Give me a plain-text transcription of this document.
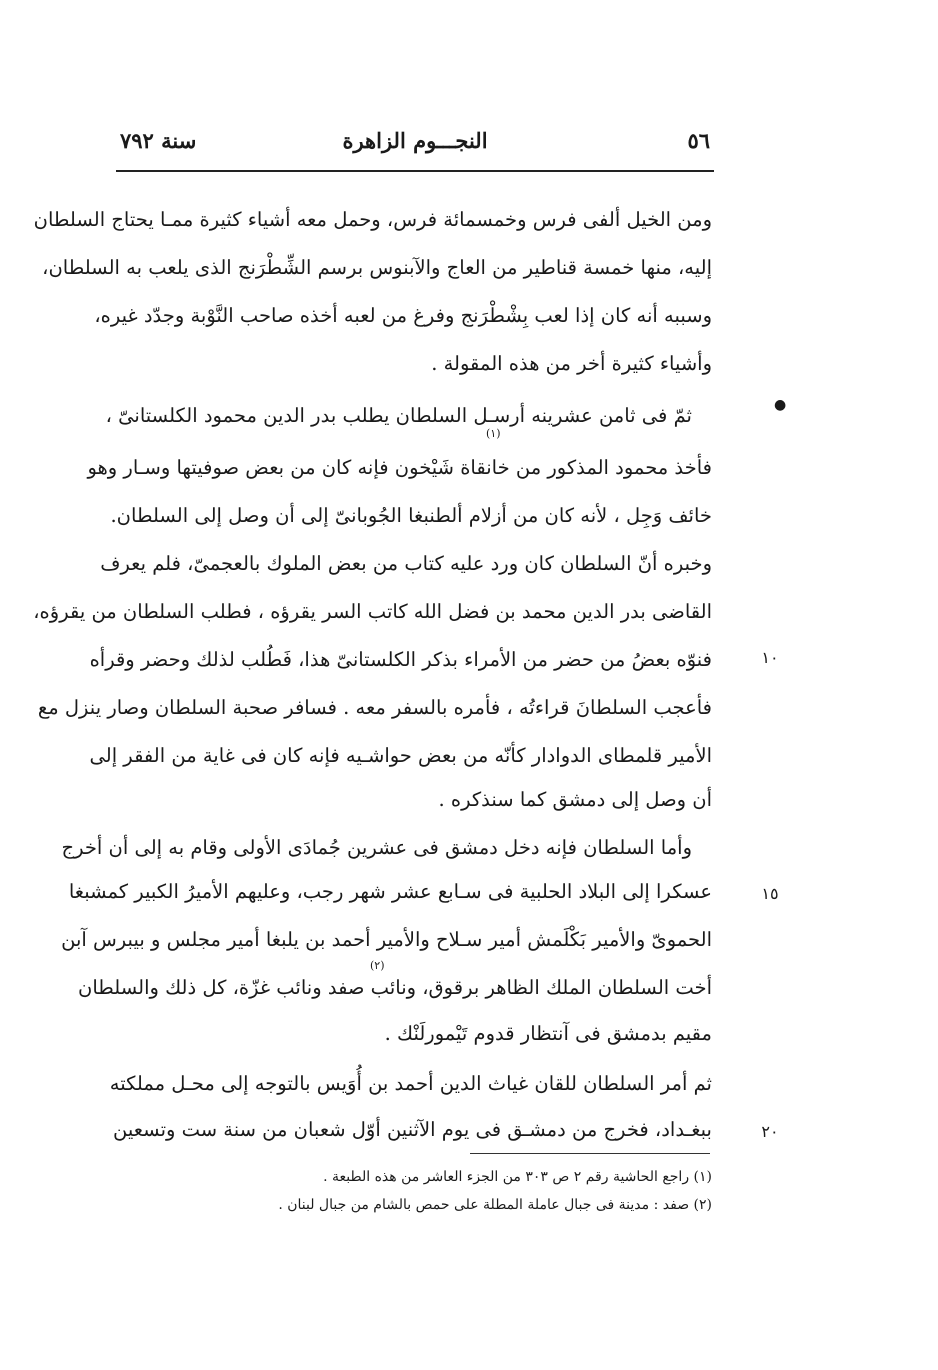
٥٦
النجـــوم الزاهرة
سنة ٧٩٢
ومن الخيل ألفى فرس وخمسمائة فرس، وحمل معه أشياء كثيرة ممـا يحتاج السلطان
إليه، منها خمسة قناطير من العاج والآبنوس برسم الشِّطْرَنج الذى يلعب به السلطان،
وسببه أنه كان إذا لعب بِشْطْرَنج وفرغ من لعبه أخذه صاحب النَّوْبة وجدّد غيره،
وأشياء كثيرة أخر من هذه المقولة .
ثمّ فى ثامن عشرينه أرسـل السلطان يطلب بدر الدين محمود الكلستانىّ ،
فأخذ محمود المذكور من خانقاة شَيْخون فإنه كان من بعض صوفيتها وسـار وهو
خائف وَجِل ، لأنه كان من أزلام ألطنبغا الجُوبانىّ إلى أن وصل إلى السلطان.
وخبره أنّ السلطان كان ورد عليه كتاب من بعض الملوك بالعجمىّ، فلم يعرف
القاضى بدر الدين محمد بن فضل الله كاتب السر يقرؤه ، فطلب السلطان من يقرؤه،
فنوّه بعضُ من حضر من الأمراء بذكر الكلستانىّ هذا، فَطُلب لذلك وحضر وقرأه
فأعجب السلطانَ قراءتُه ، فأمره بالسفر معه . فسافر صحبة السلطان وصار ينزل مع
الأمير قلمطاى الدوادار كأنّه من بعض حواشـيه فإنه كان فى غاية من الفقر إلى
أن وصل إلى دمشق كما سنذكره .
وأما السلطان فإنه دخل دمشق فى عشرين جُمادَى الأولى وقام به إلى أن أخرج
عسكرا إلى البلاد الحلبية فى سـابع عشر شهر رجب، وعليهم الأميرُ الكبير كمشبغا
الحموىّ والأمير بَكْلَمش أمير سـلاح والأمير أحمد بن يلبغا أمير مجلس و بيبرس آبن
أخت السلطان الملك الظاهر برقوق، ونائب صفد ونائب غزّة، كل ذلك والسلطان
مقيم بدمشق فى آنتظار قدوم تَيْمورلَنْك .
ثم أمر السلطان للقان غياث الدين أحمد بن أُوَيس بالتوجه إلى محـل مملكته
ببغـداد، فخرج من دمشـق فى يوم الآثنين أوّل شعبان من سنة ست وتسعين
●
١٠
١٥
٢٠
(١)
(٢)
(١) راجع الحاشية رقم ٢ ص ٣٠٣ من الجزء العاشر من هذه الطبعة .
(٢) صفد : مدينة فى جبال عاملة المطلة على حمص بالشام من جبال لبنان .
